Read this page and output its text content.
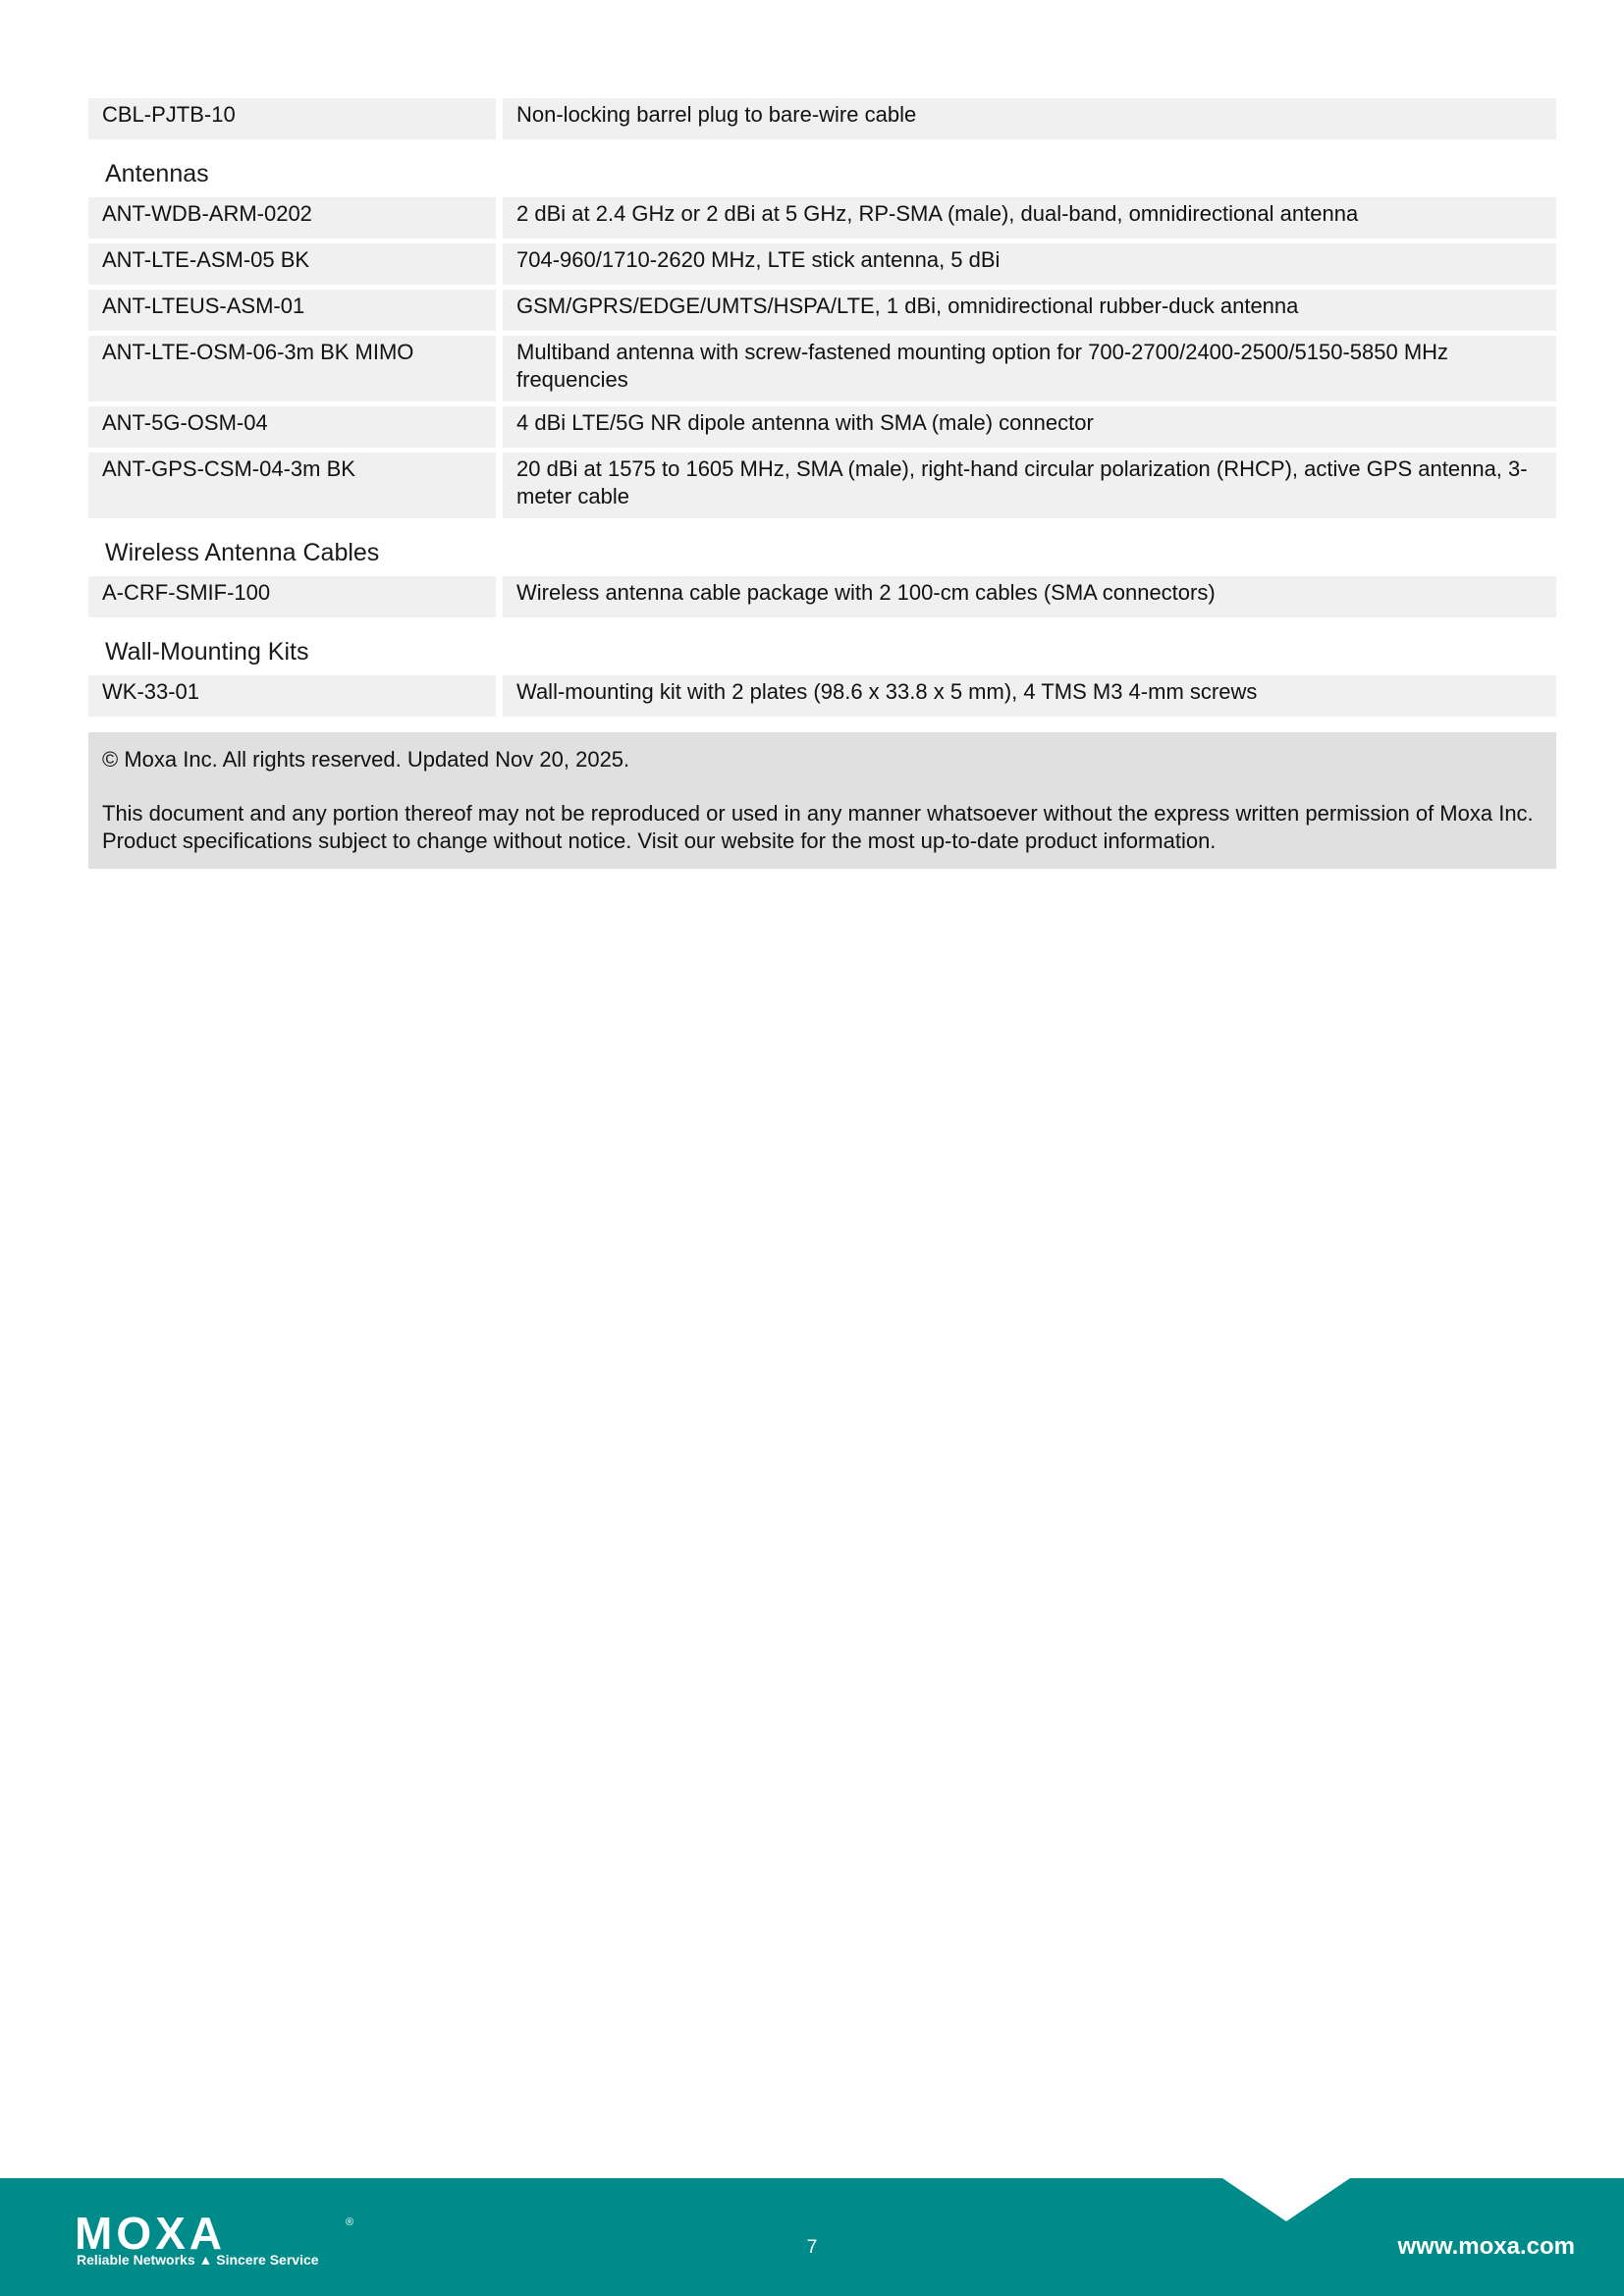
CBL-PJTB-10	Non-locking barrel plug to bare-wire cable
Antennas
ANT-WDB-ARM-0202	2 dBi at 2.4 GHz or 2 dBi at 5 GHz, RP-SMA (male), dual-band, omnidirectional antenna
ANT-LTE-ASM-05 BK	704-960/1710-2620 MHz, LTE stick antenna, 5 dBi
ANT-LTEUS-ASM-01	GSM/GPRS/EDGE/UMTS/HSPA/LTE, 1 dBi, omnidirectional rubber-duck antenna
ANT-LTE-OSM-06-3m BK MIMO	Multiband antenna with screw-fastened mounting option for 700-2700/2400-2500/5150-5850 MHz frequencies
ANT-5G-OSM-04	4 dBi LTE/5G NR dipole antenna with SMA (male) connector
ANT-GPS-CSM-04-3m BK	20 dBi at 1575 to 1605 MHz, SMA (male), right-hand circular polarization (RHCP), active GPS antenna, 3-meter cable
Wireless Antenna Cables
A-CRF-SMIF-100	Wireless antenna cable package with 2 100-cm cables (SMA connectors)
Wall-Mounting Kits
WK-33-01	Wall-mounting kit with 2 plates (98.6 x 33.8 x 5 mm), 4 TMS M3 4-mm screws
© Moxa Inc. All rights reserved. Updated Nov 20, 2025.
This document and any portion thereof may not be reproduced or used in any manner whatsoever without the express written permission of Moxa Inc. Product specifications subject to change without notice. Visit our website for the most up-to-date product information.
MOXA	®
Reliable Networks ▲ Sincere Service
7	www.moxa.com
